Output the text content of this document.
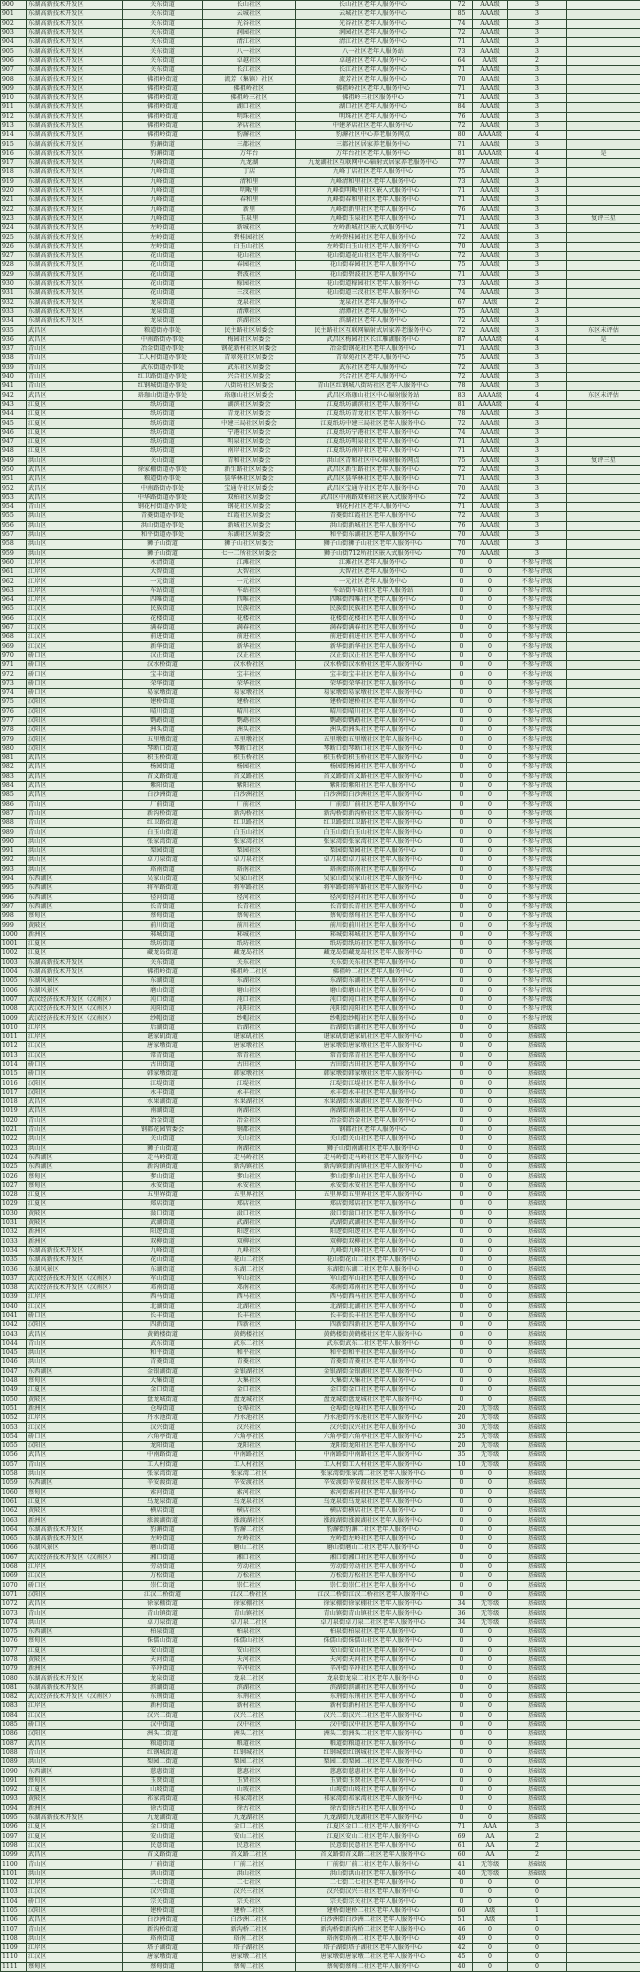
900	东湖高新技术开发区	关东街道	长山社区	长山社区老年人服务中心	72	AAA级	3	
901	东湖高新技术开发区	关东街道	云城社区	云城社区老年人服务中心	85	AAA级	3	
902	东湖高新技术开发区	关东街道	光谷社区	光谷社区老年人服务中心	74	AAA级	3	
903	东湖高新技术开发区	关东街道	润园社区	润园社区老年人服务中心	72	AAA级	3	
904	东湖高新技术开发区	关东街道	清江社区	清江社区老年人服务中心	71	AAA级	3	
905	东湖高新技术开发区	关东街道	八一社区	八一社区老年人服务站	73	AAA级	3	
906	东湖高新技术开发区	关东街道	卓越社区	卓越社区老年人服务中心	64	AA级	2	
907	东湖高新技术开发区	关东街道	长江社区	长江社区老年人服务中心	71	AAA级	3	
908	东湖高新技术开发区	佛祖岭街道	流芳（集镇）社区	流芳社区老年人服务中心	70	AAA级	3	
909	东湖高新技术开发区	佛祖岭街道	佛祖岭社区	佛祖岭社区老年人服务中心	71	AAA级	3	
910	东湖高新技术开发区	佛祖岭街道	佛祖岭三社区	佛祖岭三社区服务中心	71	AAA级	3	
911	东湖高新技术开发区	佛祖岭街道	湖口社区	湖口社区老年人服务中心	84	AAA级	3	
912	东湖高新技术开发区	佛祖岭街道	明珠社区	明珠社区老年人服务中心	76	AAA级	3	
913	东湖高新技术开发区	佛祖岭街道	茅店社区	中建茅店社区老年人服务中心	72	AAA级	3	
914	东湖高新技术开发区	佛祖岭街道	豹澥社区	豹澥社区中心养老服务网点	80	AAAA级	4	
915	东湖高新技术开发区	豹澥街道	三都社区	三都社区居家养老服务中心	71	AAA级	3	
916	东湖高新技术开发区	豹澥街道	万年台	万年台社区老年人服务中心	81	AAAA级	4	是
917	东湖高新技术开发区	九峰街道	九龙湖	九龙湖社区互联网中心辐射式居家养老服务中心	77	AAA级	3	
918	东湖高新技术开发区	九峰街道	丁店	九峰丁店社区老年人服务中心	75	AAA级	3	
919	东湖高新技术开发区	九峰街道	清和里	九峰清和里社区老年人服务中心	73	AAA级	3	
920	东湖高新技术开发区	九峰街道	明畈里	九峰街明畈里社区嵌入式服务中心	71	AAA级	3	
921	东湖高新技术开发区	九峰街道	春和里	九峰街春和里社区老年人服务中心	71	AAA级	3	
922	东湖高新技术开发区	九峰街道	新里	九峰街新里社区老年人服务中心	76	AAA级	3	
923	东湖高新技术开发区	九峰街道	玉泉里	九峰街玉泉社区老年人服务中心	71	AAA级	3	复评三星
924	东湖高新技术开发区	左岭街道	新城社区	左岭新城社区嵌入式服务中心	71	AAA级	3	
925	东湖高新技术开发区	左岭街道	碧桂园社区	左岭碧桂园社区老年人服务中心	72	AAA级	3	
926	东湖高新技术开发区	左岭街道	白玉山社区	左岭街白玉山社区老年人服务中心	70	AAA级	3	
927	东湖高新技术开发区	花山街道	花山社区	花山街道花山社区老年人服务中心	72	AAA级	3	
928	东湖高新技术开发区	花山街道	春园社区	花山街春园社区老年人服务中心	75	AAA级	3	
929	东湖高新技术开发区	花山街道	碧波社区	花山街碧波社区老年人服务中心	71	AAA级	3	
930	东湖高新技术开发区	花山街道	稼园社区	花山街道稼园社区老年人服务中心	73	AAA级	3	
931	东湖高新技术开发区	花山街道	三汊社区	花山街道三汊社区老年人服务中心	74	AAA级	3	
932	东湖高新技术开发区	龙泉街道	龙泉社区	龙泉社区老年人服务中心	67	AA级	2	
933	东湖高新技术开发区	龙泉街道	清潭社区	清潭社区老年人服务中心	75	AAA级	3	
934	东湖高新技术开发区	龙泉街道	滨湖社区	滨湖社区老年人服务中心	72	AAA级	3	
935	武昌区	粮道街办事处	民主路社区居委会	民主路社区互联网辐射式居家养老服务中心	72	AAA级	3	东区未评估
936	武昌区	中南路街办事处	梅园社区居委会	武昌区梅园社区长江雁湖服务中心	87	AAAA级	4	是
937	青山区	冶金街道办事处	钢花新村社区居委会	冶金街钢花社区老年人服务中心	71	AAA级	3	
938	青山区	工人村街道办事处	青翠苑社区居委会	青翠苑社区老年人服务中心	75	AAA级	3	
939	青山区	武东街道办事处	武东社区居委会	武东社区老年人服务中心	72	AAA级	3	
940	青山区	红卫路街道办事处	兴合社区居委会	兴合社区老年人服务中心	72	AAA级	3	
941	青山区	红钢城街道办事处	八街坊社区居委会	青山区红钢城八街坊社区老年人服务中心	78	AAA级	3	
942	武昌区	珞珈山街道办事处	珞珈山社区居委会	武昌区珞珈山社区中心辐射服务站	83	AAAA级	4	东区未评估
943	江夏区	纸坊街道	湖滨社区居委会	江夏纸坊湖滨社区老年人服务中心	81	AAAA级	4	
944	江夏区	纸坊街道	青龙社区居委会	江夏纸坊青龙社区老年人服务中心	78	AAA级	3	
945	江夏区	纸坊街道	中建三局社区居委会	江夏纸坊中建三局社区老年人服务中心	72	AAA级	3	
946	江夏区	纸坊街道	宁港社区居委会	江夏纸坊宁港社区老年人服务中心	74	AAA级	3	
947	江夏区	纸坊街道	明泉社区居委会	江夏纸坊明泉社区老年人服务中心	71	AAA级	3	
948	江夏区	纸坊街道	南岸社区居委会	江夏纸坊南岸社区老年人服务中心	71	AAA级	3	
949	洪山区	关山街道	青和社区居委会	洪山区青和社区中心辐射服务网点	75	AAA级	3	复评三星
950	武昌区	徐家棚街道办事处	新生路社区居委会	武昌区新生路社区老年人服务中心	72	AAA级	3	
951	武昌区	粮道街办事处	昙华林社区居委会	武昌区昙华林社区老年人服务中心	71	AAA级	3	
952	武昌区	中南路街办事处	宝通寺社区居委会	武昌区宝通寺社区老年人服务中心	70	AAA级	3	
953	武昌区	中华路街道办事处	双柏社区居委会	武昌区中南路双柏社区嵌入式服务中心	72	AAA级	3	
954	青山区	钢花村街道办事处	钢花社区居委会	钢花村社区老年人服务中心	71	AAA级	3	
955	洪山区	青菱街道办事处	红霞社区居委会	青菱街红霞社区老年人服务中心	72	AAA级	3	
956	洪山区	洪山街道办事处	新城社区居委会	洪山街新城社区老年人服务中心	76	AAA级	3	
957	洪山区	和平街道办事处	东湖社区居委会	和平街东湖社区老年人服务中心	70	AAA级	3	
958	洪山区	狮子山街道	狮子山社区居委会	狮子山街狮子山社区老年人服务中心	70	AAA级	3	
959	洪山区	狮子山街道	七一二所社区居委会	狮子山街712所社区嵌入式服务中心	70	AAA级	3	
960	江岸区	永清街道	江滩社区	江滩社区老年人服务中心	0	0	不参与评级	
961	江岸区	大智街道	大智社区	大智社区老年人服务中心	0	0	不参与评级	
962	江岸区	一元街道	一元社区	一元社区老年人服务中心	0	0	不参与评级	
963	江岸区	车站街道	车站社区	车站街车站社区老年人服务站	0	0	不参与评级	
964	江岸区	四唯街道	四唯社区	四唯街四唯社区老年人服务中心	0	0	不参与评级	
965	江汉区	民族街道	民族社区	民族街民族社区老年人服务中心	0	0	不参与评级	
966	江汉区	花楼街道	花楼社区	花楼街花楼社区老年人服务中心	0	0	不参与评级	
967	江汉区	满春街道	满春社区	满春街满春社区老年人服务中心	0	0	不参与评级	
968	江汉区	前进街道	前进社区	前进街前进社区老年人服务中心	0	0	不参与评级	
969	江汉区	新华街道	新华社区	新华街新华社区老年人服务中心	0	0	不参与评级	
970	硚口区	汉正街道	汉正社区	汉正街汉正社区老年人服务中心	0	0	不参与评级	
971	硚口区	汉水桥街道	汉水桥社区	汉水桥街汉水桥社区老年人服务中心	0	0	不参与评级	
972	硚口区	宝丰街道	宝丰社区	宝丰街宝丰社区老年人服务中心	0	0	不参与评级	
973	硚口区	荣华街道	荣华社区	荣华街荣华社区老年人服务中心	0	0	不参与评级	
974	硚口区	易家墩街道	易家墩社区	易家墩街易家墩社区老年人服务中心	0	0	不参与评级	
975	汉阳区	建桥街道	建桥社区	建桥街建桥社区老年人服务中心	0	0	不参与评级	
976	汉阳区	晴川街道	晴川社区	晴川街晴川社区老年人服务中心	0	0	不参与评级	
977	汉阳区	鹦鹉街道	鹦鹉社区	鹦鹉街鹦鹉社区老年人服务中心	0	0	不参与评级	
978	汉阳区	洲头街道	洲头社区	洲头街洲头社区老年人服务中心	0	0	不参与评级	
979	汉阳区	五里墩街道	五里墩社区	五里墩街五里墩社区老年人服务中心	0	0	不参与评级	
980	汉阳区	琴断口街道	琴断口社区	琴断口街琴断口社区老年人服务中心	0	0	不参与评级	
981	武昌区	积玉桥街道	积玉桥社区	积玉桥街积玉桥社区老年人服务中心	0	0	不参与评级	
982	武昌区	杨园街道	杨园社区	杨园街杨园社区老年人服务中心	0	0	不参与评级	
983	武昌区	首义路街道	首义路社区	首义路街首义路社区老年人服务中心	0	0	不参与评级	
984	武昌区	紫阳街道	紫阳社区	紫阳街紫阳社区老年人服务中心	0	0	不参与评级	
985	武昌区	白沙洲街道	白沙洲社区	白沙洲街白沙洲社区老年人服务中心	0	0	不参与评级	
986	青山区	厂前街道	厂前社区	厂前街厂前社区老年人服务中心	0	0	不参与评级	
987	青山区	新沟桥街道	新沟桥社区	新沟桥街新沟桥社区老年人服务中心	0	0	不参与评级	
988	青山区	红卫路街道	红卫路社区	红卫路街红卫路社区老年人服务中心	0	0	不参与评级	
989	青山区	白玉山街道	白玉山社区	白玉山街白玉山社区老年人服务中心	0	0	不参与评级	
990	洪山区	张家湾街道	张家湾社区	张家湾街张家湾社区老年人服务中心	0	0	不参与评级	
991	洪山区	梨园街道	梨园社区	梨园街梨园社区老年人服务中心	0	0	不参与评级	
992	洪山区	卓刀泉街道	卓刀泉社区	卓刀泉街卓刀泉社区老年人服务中心	0	0	不参与评级	
993	洪山区	珞南街道	珞南社区	珞南街珞南社区老年人服务中心	0	0	不参与评级	
994	东西湖区	吴家山街道	吴家山社区	吴家山街吴家山社区老年人服务中心	0	0	不参与评级	
995	东西湖区	将军路街道	将军路社区	将军路街将军路社区老年人服务中心	0	0	不参与评级	
996	东西湖区	径河街道	径河社区	径河街径河社区老年人服务中心	0	0	不参与评级	
997	东西湖区	长青街道	长青社区	长青街长青社区老年人服务中心	0	0	不参与评级	
998	蔡甸区	蔡甸街道	蔡甸社区	蔡甸街蔡甸社区老年人服务中心	0	0	不参与评级	
999	黄陂区	前川街道	前川社区	前川街前川社区老年人服务中心	0	0	不参与评级	
1000	新洲区	邾城街道	邾城社区	邾城街邾城社区老年人服务中心	0	0	不参与评级	
1001	江夏区	纸坊街道	纸坊社区	纸坊街纸坊社区老年人服务中心	0	0	不参与评级	
1002	江夏区	藏龙岛街道	藏龙岛社区	藏龙岛街藏龙岛社区老年人服务中心	0	0	不参与评级	
1003	东湖高新技术开发区	关东街道	关东社区	关东街关东社区老年人服务中心	0	0	不参与评级	
1004	东湖高新技术开发区	佛祖岭街道	佛祖岭二社区	佛祖岭二社区老年人服务中心	0	0	不参与评级	
1005	东湖风景区	东湖街道	东湖社区	东湖街东湖社区老年人服务中心	0	0	不参与评级	
1006	东湖风景区	磨山街道	磨山社区	磨山街磨山社区老年人服务中心	0	0	不参与评级	
1007	武汉经济技术开发区（汉南区）	沌口街道	沌口社区	沌口街沌口社区老年人服务中心	0	0	不参与评级	
1008	武汉经济技术开发区（汉南区）	沌阳街道	沌阳社区	沌阳街沌阳社区老年人服务中心	0	0	不参与评级	
1009	武汉经济技术开发区（汉南区）	纱帽街道	纱帽社区	纱帽街纱帽社区老年人服务中心	0	0	不参与评级	
1010	江岸区	后湖街道	后湖社区	后湖街后湖社区老年人服务中心	0	0	基础级	
1011	江岸区	谌家矶街道	谌家矶社区	谌家矶街谌家矶社区老年人服务中心	0	0	基础级	
1012	江汉区	唐家墩街道	唐家墩社区	唐家墩街唐家墩社区老年人服务中心	0	0	基础级	
1013	江汉区	常青街道	常青社区	常青街常青社区老年人服务中心	0	0	基础级	
1014	硚口区	古田街道	古田社区	古田街古田社区老年人服务中心	0	0	基础级	
1015	硚口区	韩家墩街道	韩家墩社区	韩家墩街韩家墩社区老年人服务中心	0	0	基础级	
1016	汉阳区	江堤街道	江堤社区	江堤街江堤社区老年人服务中心	0	0	基础级	
1017	汉阳区	永丰街道	永丰社区	永丰街永丰社区老年人服务中心	0	0	基础级	
1018	武昌区	水果湖街道	水果湖社区	水果湖街水果湖社区老年人服务中心	0	0	基础级	
1019	武昌区	南湖街道	南湖社区	南湖街南湖社区老年人服务中心	0	0	基础级	
1020	青山区	冶金街道	冶金社区	冶金街冶金社区老年人服务中心	0	0	基础级	
1021	青山区	钢都花园管委会	钢都社区	钢都社区老年人服务中心	0	0	基础级	
1022	洪山区	关山街道	关山社区	关山街关山社区老年人服务中心	0	0	基础级	
1023	洪山区	狮子山街道	南湖社区	狮子山街南湖社区老年人服务中心	0	0	基础级	
1024	东西湖区	走马岭街道	走马岭社区	走马岭街走马岭社区老年人服务中心	0	0	基础级	
1025	东西湖区	新沟镇街道	新沟镇社区	新沟镇街新沟镇社区老年人服务中心	0	0	基础级	
1026	蔡甸区	奓山街道	奓山社区	奓山街奓山社区老年人服务中心	0	0	基础级	
1027	蔡甸区	永安街道	永安社区	永安街永安社区老年人服务中心	0	0	基础级	
1028	江夏区	五里界街道	五里界社区	五里界街五里界社区老年人服务中心	0	0	基础级	
1029	江夏区	郑店街道	郑店社区	郑店街郑店社区老年人服务中心	0	0	基础级	
1030	黄陂区	滠口街道	滠口社区	滠口街滠口社区老年人服务中心	0	0	基础级	
1031	黄陂区	武湖街道	武湖社区	武湖街武湖社区老年人服务中心	0	0	基础级	
1032	新洲区	阳逻街道	阳逻社区	阳逻街阳逻社区老年人服务中心	0	0	基础级	
1033	新洲区	双柳街道	双柳社区	双柳街双柳社区老年人服务中心	0	0	基础级	
1034	东湖高新技术开发区	九峰街道	九峰社区	九峰街九峰社区老年人服务中心	0	0	基础级	
1035	东湖高新技术开发区	花山街道	花山二社区	花山街花山二社区老年人服务中心	0	0	基础级	
1036	东湖风景区	东湖街道	东湖二社区	东湖街东湖二社区老年人服务中心	0	0	基础级	
1037	武汉经济技术开发区（汉南区）	军山街道	军山社区	军山街军山社区老年人服务中心	0	0	基础级	
1038	武汉经济技术开发区（汉南区）	邓南街道	邓南社区	邓南街邓南社区老年人服务中心	0	0	基础级	
1039	江岸区	西马街道	西马社区	西马街西马社区老年人服务中心	0	0	基础级	
1040	江汉区	北湖街道	北湖社区	北湖街北湖社区老年人服务中心	0	0	基础级	
1041	硚口区	长丰街道	长丰社区	长丰街长丰社区老年人服务中心	0	0	基础级	
1042	汉阳区	四新街道	四新社区	四新街四新社区老年人服务中心	0	0	基础级	
1043	武昌区	黄鹤楼街道	黄鹤楼社区	黄鹤楼街黄鹤楼社区老年人服务中心	0	0	基础级	
1044	青山区	武东街道	武东二社区	武东街武东二社区老年人服务中心	0	0	基础级	
1045	洪山区	和平街道	和平社区	和平街和平社区老年人服务中心	0	0	基础级	
1046	洪山区	青菱街道	青菱社区	青菱街青菱社区老年人服务中心	0	0	基础级	
1047	东西湖区	金银湖街道	金银湖社区	金银湖街金银湖社区老年人服务中心	0	0	基础级	
1048	蔡甸区	大集街道	大集社区	大集街大集社区老年人服务中心	0	0	基础级	
1049	江夏区	金口街道	金口社区	金口街金口社区老年人服务中心	0	0	基础级	
1050	黄陂区	盘龙城街道	盘龙城社区	盘龙城街盘龙城社区老年人服务中心	0	0	基础级	
1051	新洲区	仓埠街道	仓埠社区	仓埠街仓埠社区老年人服务中心	20	无等级	基础级	
1052	江岸区	丹水池街道	丹水池社区	丹水池街丹水池社区老年人服务中心	20	无等级	基础级	
1053	江汉区	汉兴街道	汉兴社区	汉兴街汉兴社区老年人服务中心	30	无等级	基础级	
1054	硚口区	六角亭街道	六角亭社区	六角亭街六角亭社区老年人服务中心	25	无等级	基础级	
1055	汉阳区	龙阳街道	龙阳社区	龙阳街龙阳社区老年人服务中心	20	无等级	基础级	
1056	武昌区	中南路街道	中南路社区	中南路街中南路社区老年人服务中心	35	无等级	基础级	
1057	青山区	工人村街道	工人村社区	工人村街工人村社区老年人服务中心	10	无等级	基础级	
1058	洪山区	张家湾街道	张家湾二社区	张家湾街张家湾二社区老年人服务中心	0	0	基础级	
1059	东西湖区	辛安渡街道	辛安渡社区	辛安渡街辛安渡社区老年人服务中心	0	0	基础级	
1060	蔡甸区	索河街道	索河社区	索河街索河社区老年人服务中心	0	0	基础级	
1061	江夏区	乌龙泉街道	乌龙泉社区	乌龙泉街乌龙泉社区老年人服务中心	0	0	基础级	
1062	黄陂区	横店街道	横店社区	横店街横店社区老年人服务中心	0	0	基础级	
1063	新洲区	涨渡湖街道	涨渡湖社区	涨渡湖街涨渡湖社区老年人服务中心	0	0	基础级	
1064	东湖高新技术开发区	豹澥街道	豹澥二社区	豹澥街豹澥二社区老年人服务中心	0	0	基础级	
1065	东湖高新技术开发区	左岭街道	左岭社区	左岭街左岭社区老年人服务中心	0	0	基础级	
1066	东湖风景区	磨山街道	磨山二社区	磨山街磨山二社区老年人服务中心	0	0	基础级	
1067	武汉经济技术开发区（汉南区）	湘口街道	湘口社区	湘口街湘口社区老年人服务中心	0	0	基础级	
1068	江岸区	劳动街道	劳动社区	劳动街劳动社区老年人服务中心	0	0	基础级	
1069	江汉区	万松街道	万松社区	万松街万松社区老年人服务中心	0	0	基础级	
1070	硚口区	崇仁街道	崇仁社区	崇仁街崇仁社区老年人服务中心	0	0	基础级	
1071	汉阳区	江汉二桥街道	江汉二桥社区	江汉二桥街江汉二桥社区老年人服务中心	0	0	基础级	
1072	武昌区	徐家棚街道	徐家棚社区	徐家棚街徐家棚社区老年人服务中心	34	无等级	基础级	
1073	青山区	青山镇街道	青山镇社区	青山镇街青山镇社区老年人服务中心	36	无等级	基础级	
1074	洪山区	卓刀泉街道	卓刀泉二社区	卓刀泉街卓刀泉二社区老年人服务中心	34	无等级	基础级	
1075	东西湖区	柏泉街道	柏泉社区	柏泉街柏泉社区老年人服务中心	0	0	基础级	
1076	蔡甸区	侏儒山街道	侏儒山社区	侏儒山街侏儒山社区老年人服务中心	0	0	基础级	
1077	江夏区	安山街道	安山社区	安山街安山社区老年人服务中心	0	0	基础级	
1078	黄陂区	天河街道	天河社区	天河街天河社区老年人服务中心	0	0	基础级	
1079	新洲区	辛冲街道	辛冲社区	辛冲街辛冲社区老年人服务中心	0	0	基础级	
1080	东湖高新技术开发区	龙泉街道	龙泉二社区	龙泉街龙泉二社区老年人服务中心	0	0	基础级	
1081	东湖高新技术开发区	滨湖街道	滨湖社区	滨湖街滨湖社区老年人服务中心	0	0	基础级	
1082	武汉经济技术开发区（汉南区）	东荆街道	东荆社区	东荆街东荆社区老年人服务中心	0	0	基础级	
1083	江岸区	新村街道	新村社区	新村街新村社区老年人服务中心	0	0	基础级	
1084	江汉区	汉兴二街道	汉兴二社区	汉兴二街汉兴二社区老年人服务中心	0	0	基础级	
1085	硚口区	汉中街道	汉中社区	汉中街汉中社区老年人服务中心	0	0	基础级	
1086	汉阳区	洲头二街道	洲头二社区	洲头二街洲头二社区老年人服务中心	0	0	基础级	
1087	武昌区	粮道街道	粮道社区	粮道街粮道社区老年人服务中心	0	0	基础级	
1088	青山区	红钢城街道	红钢城社区	红钢城街红钢城社区老年人服务中心	0	0	基础级	
1089	洪山区	梨园二街道	梨园二社区	梨园二街梨园二社区老年人服务中心	0	0	基础级	
1090	东西湖区	慈惠街道	慈惠社区	慈惠街慈惠社区老年人服务中心	0	0	基础级	
1091	蔡甸区	玉贤街道	玉贤社区	玉贤街玉贤社区老年人服务中心	0	0	基础级	
1092	江夏区	山坡街道	山坡社区	山坡街山坡社区老年人服务中心	0	0	基础级	
1093	黄陂区	祁家湾街道	祁家湾社区	祁家湾街祁家湾社区老年人服务中心	0	0	基础级	
1094	新洲区	徐古街道	徐古社区	徐古街徐古社区老年人服务中心	0	0	基础级	
1095	东湖高新技术开发区	九龙湖街道	九龙湖社区	九龙湖街九龙湖社区老年人服务中心	0	0	基础级	
1096	江夏区	金口街道	金口二社区	江夏区金口二社区老年人服务中心	71	AAA	3	
1097	江夏区	安山街道	安山二社区	江夏区安山二社区老年人服务中心	69	AA	2	
1098	江汉区	民意街道	民意社区	民意街民意社区老年人服务中心	61	AA	2	
1099	武昌区	首义路街道	首义路二社区	首义路街首义路二社区老年人服务中心	60	AA	2	
1100	青山区	厂前街道	厂前二社区	厂前街厂前二社区老年人服务中心	41	无等级	基础级	
1101	洪山区	洪山街道	洪山社区	洪山街洪山社区老年人服务中心	40	无等级	基础级	
1102	江岸区	二七街道	二七社区	二七街二七社区老年人服务中心	0	0	0	
1103	江汉区	汉兴街道	汉兴三社区	汉兴街汉兴三社区老年人服务中心	0	0	0	
1104	硚口区	宗关街道	宗关社区	宗关街宗关社区老年人服务中心	0	0	0	
1105	汉阳区	建桥街道	建桥二社区	建桥街建桥二社区老年人服务中心	60	A级	1	
1106	武昌区	白沙洲街道	白沙洲二社区	白沙洲街白沙洲二社区老年人服务中心	51	A级	1	
1107	青山区	新沟桥街道	新沟桥二社区	新沟桥街新沟桥二社区老年人服务中心	46	0	0	
1108	洪山区	珞南街道	珞南二社区	珞南街珞南二社区老年人服务中心	49	0	0	
1109	江岸区	塔子湖街道	塔子湖社区	塔子湖街塔子湖社区老年人服务中心	42	0	0	
1110	江汉区	唐家墩街道	唐家墩二社区	唐家墩街唐家墩二社区老年人服务中心	45	0	0	
1111	蔡甸区	蔡甸街道	蔡甸二社区	蔡甸街蔡甸二社区老年人服务中心	40	0	0	
